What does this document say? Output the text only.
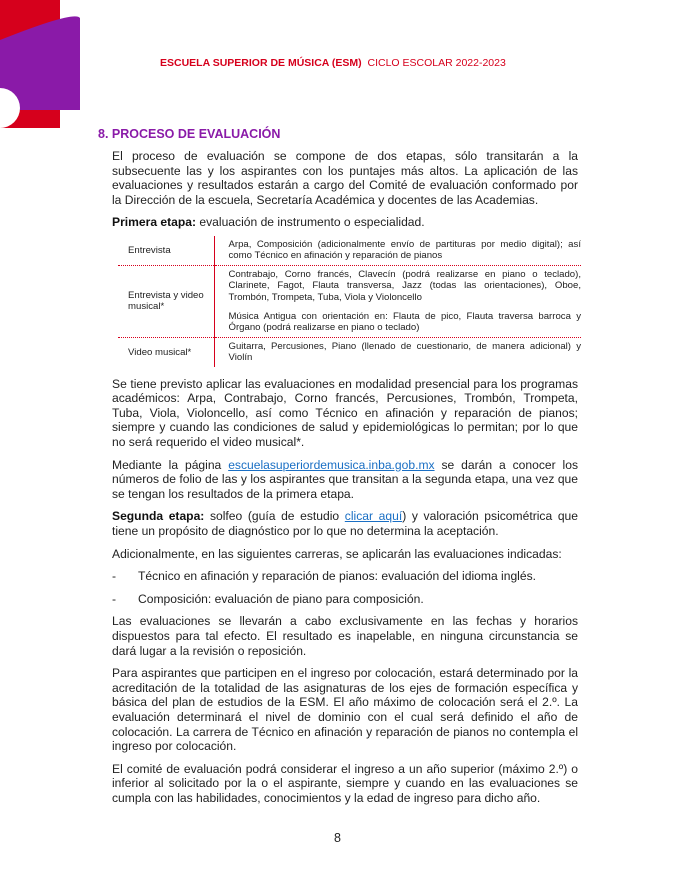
ESCUELA SUPERIOR DE MÚSICA (ESM) CICLO ESCOLAR 2022-2023
8. PROCESO DE EVALUACIÓN

El proceso de evaluación se compone de dos etapas, sólo transitarán a la subsecuente las y los aspirantes con los puntajes más altos. La aplicación de las evaluaciones y resultados estarán a cargo del Comité de evaluación conformado por la Dirección de la escuela, Secretaría Académica y docentes de las Academias.

Primera etapa: evaluación de instrumento o especialidad.

Entrevista	Arpa, Composición (adicionalmente envío de partituras por medio digital); así como Técnico en afinación y reparación de pianos

Entrevista y video musical*	Contrabajo, Corno francés, Clavecín (podrá realizarse en piano o teclado), Clarinete, Fagot, Flauta transversa, Jazz (todas las orientaciones), Oboe, Trombón, Trompeta, Tuba, Viola y Violoncello
Música Antigua con orientación en: Flauta de pico, Flauta traversa barroca y Órgano (podrá realizarse en piano o teclado)

Video musical*	Guitarra, Percusiones, Piano (llenado de cuestionario, de manera adicional) y Violín

Se tiene previsto aplicar las evaluaciones en modalidad presencial para los programas académicos: Arpa, Contrabajo, Corno francés, Percusiones, Trombón, Trompeta, Tuba, Viola, Violoncello, así como Técnico en afinación y reparación de pianos; siempre y cuando las condiciones de salud y epidemiológicas lo permitan; por lo que no será requerido el video musical*.

Mediante la página escuelasuperiordemusica.inba.gob.mx se darán a conocer los números de folio de las y los aspirantes que transitan a la segunda etapa, una vez que se tengan los resultados de la primera etapa.

Segunda etapa: solfeo (guía de estudio clicar aquí) y valoración psicométrica que tiene un propósito de diagnóstico por lo que no determina la aceptación.

Adicionalmente, en las siguientes carreras, se aplicarán las evaluaciones indicadas:

-	Técnico en afinación y reparación de pianos: evaluación del idioma inglés.
-	Composición: evaluación de piano para composición.

Las evaluaciones se llevarán a cabo exclusivamente en las fechas y horarios dispuestos para tal efecto. El resultado es inapelable, en ninguna circunstancia se dará lugar a la revisión o reposición.

Para aspirantes que participen en el ingreso por colocación, estará determinado por la acreditación de la totalidad de las asignaturas de los ejes de formación específica y básica del plan de estudios de la ESM. El año máximo de colocación será el 2.º. La evaluación determinará el nivel de dominio con el cual será definido el año de colocación. La carrera de Técnico en afinación y reparación de pianos no contempla el ingreso por colocación.

El comité de evaluación podrá considerar el ingreso a un año superior (máximo 2.º) o inferior al solicitado por la o el aspirante, siempre y cuando en las evaluaciones se cumpla con las habilidades, conocimientos y la edad de ingreso para dicho año.

8
